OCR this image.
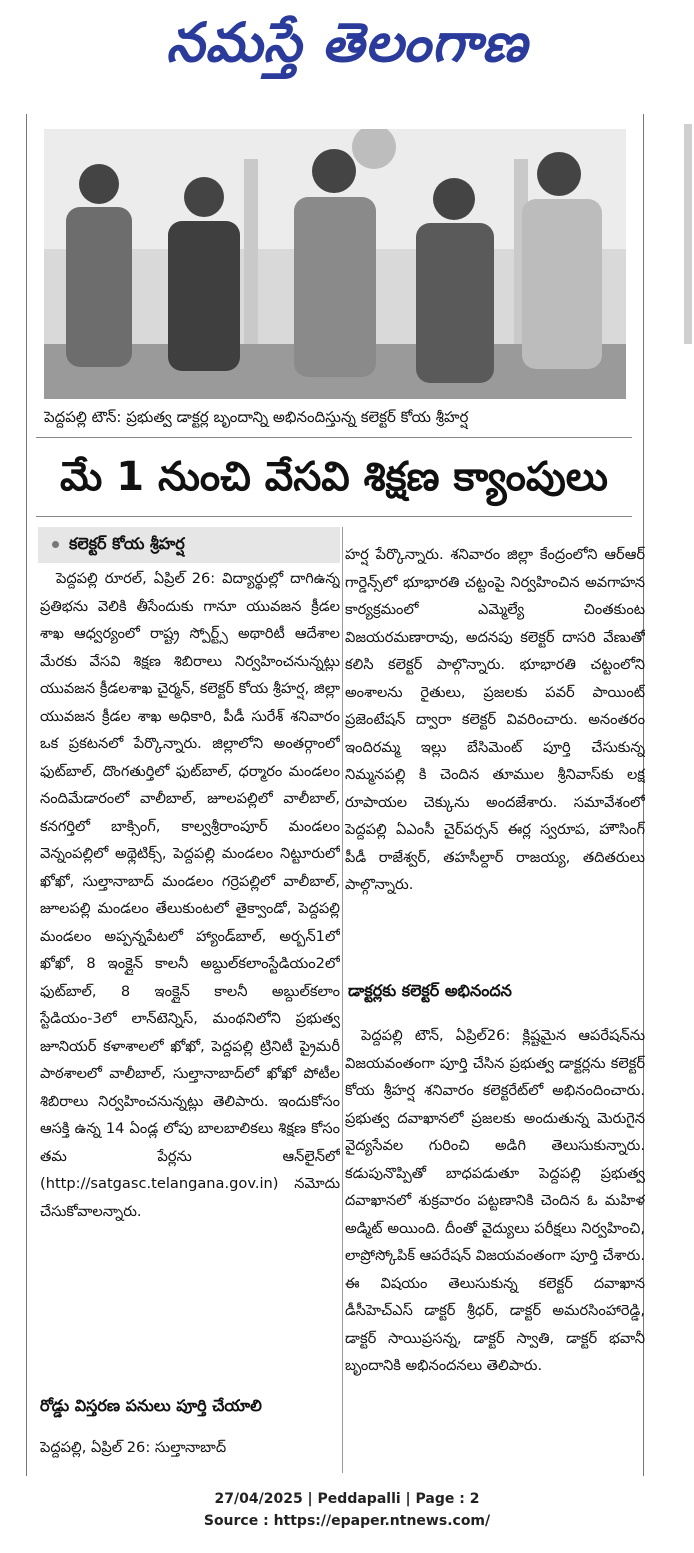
నమస్తే తెలంగాణ
పెద్దపల్లి టౌన్‌: ప్రభుత్వ డాక్టర్ల బృందాన్ని అభినందిస్తున్న కలెక్టర్‌ కోయ శ్రీహర్ష
మే 1 నుంచి వేసవి శిక్షణ క్యాంపులు
కలెక్టర్‌ కోయ శ్రీహర్ష

పెద్దపల్లి రూరల్‌, ఏప్రిల్‌ 26: విద్యార్థుల్లో దాగిఉన్న ప్రతిభను వెలికి తీసేందుకు గానూ యువజన క్రీడల శాఖ ఆధ్వర్యంలో రాష్ట్ర స్పోర్ట్స్‌ అథారిటీ ఆదేశాల మేరకు వేసవి శిక్షణ శిబిరాలు నిర్వహించనున్నట్లు యువజన క్రీడలశాఖ చైర్మన్‌, కలెక్టర్‌ కోయ శ్రీహర్ష, జిల్లా యువజన క్రీడల శాఖ అధికారి, పీడీ సురేశ్‌ శనివారం ఒక ప్రకటనలో పేర్కొన్నారు. జిల్లాలోని అంతర్గాంలో ఫుట్‌బాల్‌, దొంగతుర్తిలో ఫుట్‌బాల్‌, ధర్మారం మండలం నందిమేడారంలో వాలీబాల్‌, జూలపల్లిలో వాలీబాల్‌, కనగర్తిలో బాక్సింగ్‌, కాల్వశ్రీరాంపూర్‌ మండలం వెన్నంపల్లిలో అథ్లెటిక్స్‌, పెద్దపల్లి మండలం నిట్టూరులో ఖోఖో, సుల్తానాబాద్‌ మండలం గర్రెపల్లిలో వాలీబాల్‌, జూలపల్లి మండలం తేలుకుంటలో తైక్వాండో, పెద్దపల్లి మండలం అప్పన్నపేటలో హ్యాండ్‌బాల్‌, అర్బన్‌1లో ఖోఖో, 8 ఇంక్లైన్‌ కాలనీ అబ్దుల్‌కలాంస్టేడియం2లో ఫుట్‌బాల్‌, 8 ఇంక్లైన్‌ కాలనీ అబ్దుల్‌కలాం స్టేడియం-3లో లాన్‌టెన్నిస్‌, మంథనిలోని ప్రభుత్వ జూనియర్‌ కళాశాలలో ఖోఖో, పెద్దపల్లి ట్రినిటీ ప్రైమరీ పాఠశాలలో వాలీబాల్‌, సుల్తానాబాద్‌లో ఖోఖో పోటీల శిబిరాలు నిర్వహించనున్నట్లు తెలిపారు. ఇందుకోసం ఆసక్తి ఉన్న 14 ఏండ్ల లోపు బాలబాలికలు శిక్షణ కోసం తమ పేర్లను ఆన్‌లైన్‌లో (http://satgasc.telangana.gov.in) నమోదు చేసుకోవాలన్నారు.

రోడ్డు విస్తరణ పనులు పూర్తి చేయాలి
పెద్దపల్లి, ఏప్రిల్‌ 26: సుల్తానాబాద్‌

హర్ష పేర్కొన్నారు. శనివారం జిల్లా కేంద్రంలోని ఆర్‌ఆర్‌ గార్డెన్స్‌లో భూభారతి చట్టంపై నిర్వహించిన అవగాహన కార్యక్రమంలో ఎమ్మెల్యే చింతకుంట విజయరమణారావు, అదనపు కలెక్టర్‌ దాసరి వేణుతో కలిసి కలెక్టర్‌ పాల్గొన్నారు. భూభారతి చట్టంలోని అంశాలను రైతులు, ప్రజలకు పవర్‌ పాయింట్‌ ప్రజెంటేషన్‌ ద్వారా కలెక్టర్‌ వివరించారు. అనంతరం ఇందిరమ్మ ఇల్లు బేసిమెంట్‌ పూర్తి చేసుకున్న నిమ్మనపల్లి కి చెందిన తూముల శ్రీనివాస్‌కు లక్ష రూపాయల చెక్కును అందజేశారు. సమావేశంలో పెద్దపల్లి ఏఎంసీ చైర్‌పర్సన్‌ ఈర్ల స్వరూప, హౌసింగ్‌ పీడీ రాజేశ్వర్‌, తహసీల్దార్‌ రాజయ్య, తదితరులు పాల్గొన్నారు.

డాక్టర్లకు కలెక్టర్‌ అభినందన

పెద్దపల్లి టౌన్‌, ఏప్రిల్‌26: క్లిష్టమైన ఆపరేషన్‌ను విజయవంతంగా పూర్తి చేసిన ప్రభుత్వ డాక్టర్లను కలెక్టర్‌ కోయ శ్రీహర్ష శనివారం కలెక్టరేట్‌లో అభినందించారు. ప్రభుత్వ దవాఖానలో ప్రజలకు అందుతున్న మెరుగైన వైద్యసేవల గురించి అడిగి తెలుసుకున్నారు. కడుపునొప్పితో బాధపడుతూ పెద్దపల్లి ప్రభుత్వ దవాఖానలో శుక్రవారం పట్టణానికి చెందిన ఓ మహిళ అడ్మిట్‌ అయింది. దీంతో వైద్యులు పరీక్షలు నిర్వహించి, లాప్రోస్కోపిక్‌ ఆపరేషన్‌ విజయవంతంగా పూర్తి చేశారు. ఈ విషయం తెలుసుకున్న కలెక్టర్‌ దవాఖాన డీసీహెచ్‌ఎస్‌ డాక్టర్‌ శ్రీధర్‌, డాక్టర్‌ అమరసింహారెడ్డి, డాక్టర్‌ సాయిప్రసన్న, డాక్టర్‌ స్వాతి, డాక్టర్‌ భవానీ బృందానికి అభినందనలు తెలిపారు.

27/04/2025 | Peddapalli | Page : 2
Source : https://epaper.ntnews.com/
